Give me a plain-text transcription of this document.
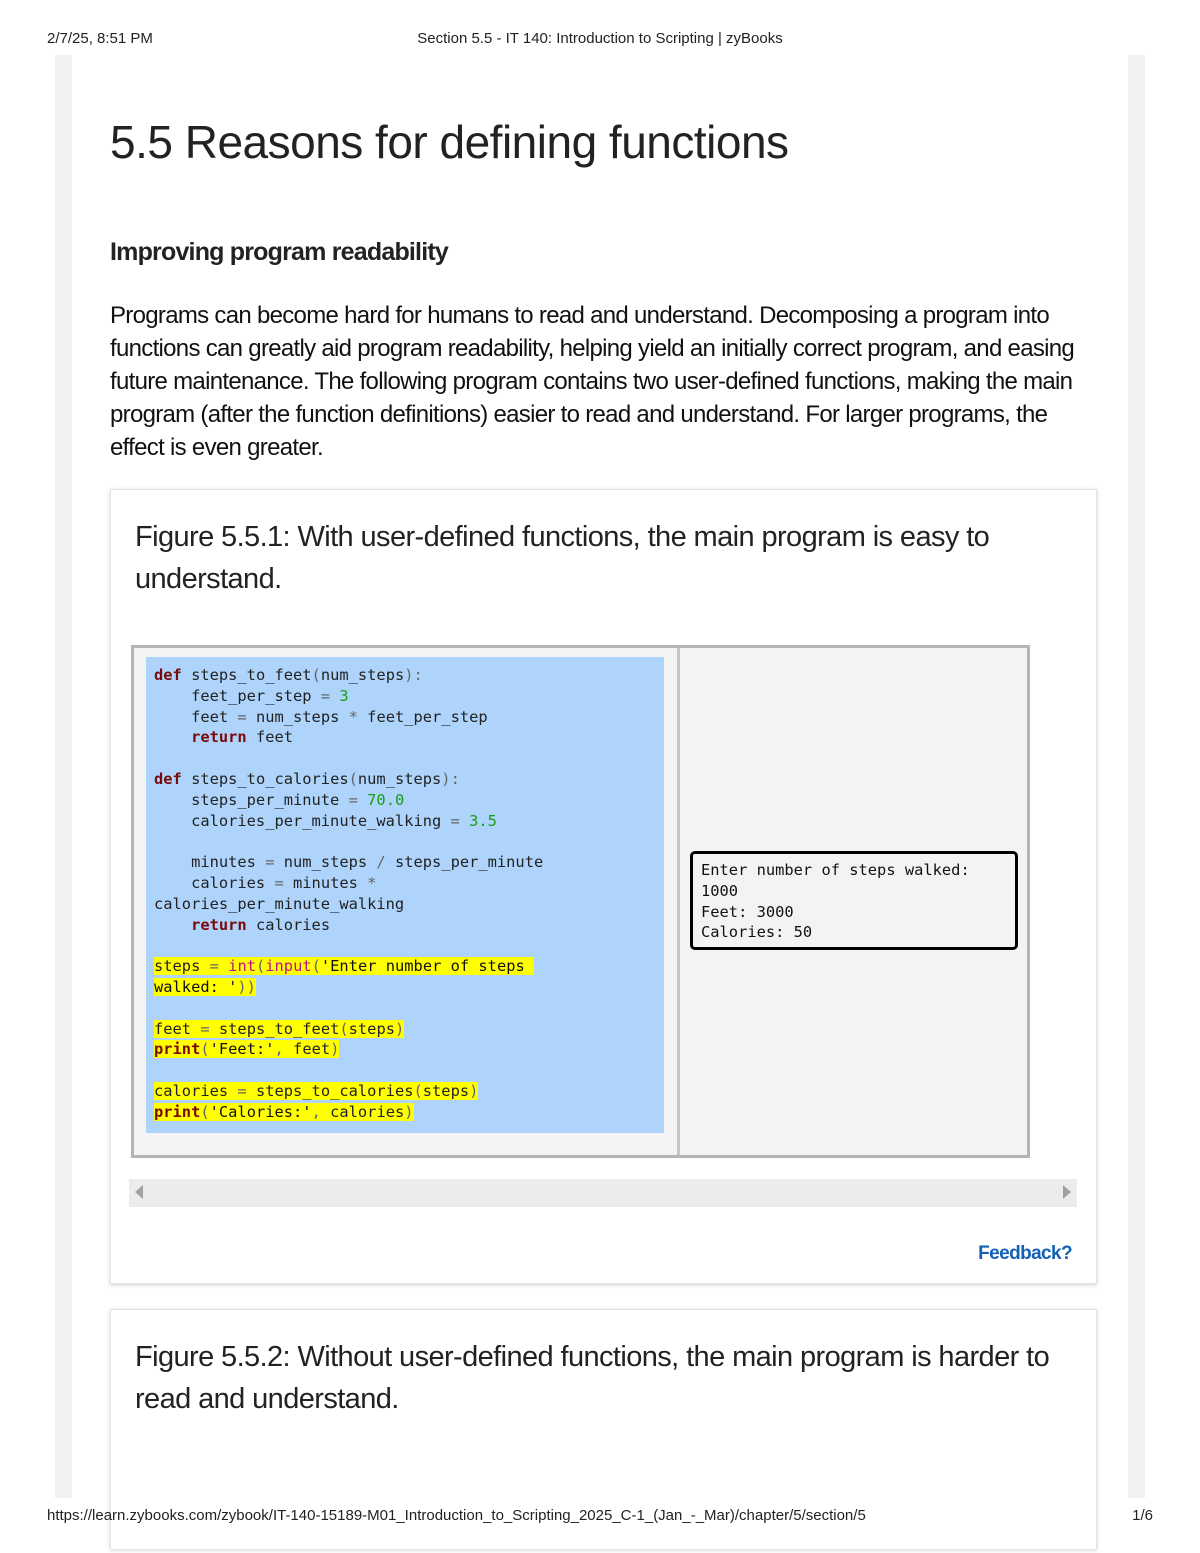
2/7/25, 8:51 PM	Section 5.5 - IT 140: Introduction to Scripting | zyBooks
5.5 Reasons for defining functions
Improving program readability

Programs can become hard for humans to read and understand. Decomposing a program into functions can greatly aid program readability, helping yield an initially correct program, and easing future maintenance. The following program contains two user-defined functions, making the main program (after the function definitions) easier to read and understand. For larger programs, the effect is even greater.

Figure 5.5.1: With user-defined functions, the main program is easy to understand.
def steps_to_feet(num_steps):
feet_per_step = 3
feet = num_steps * feet_per_step
return feet

def steps_to_calories(num_steps):
steps_per_minute = 70.0
calories_per_minute_walking = 3.5

minutes = num_steps / steps_per_minute
calories = minutes *
calories_per_minute_walking
return calories

steps = int(input('Enter number of steps
walked: '))

feet = steps_to_feet(steps)
print('Feet:', feet)

calories = steps_to_calories(steps)
print('Calories:', calories)
Enter number of steps walked:
1000
Feet: 3000
Calories: 50
Feedback?
Figure 5.5.2: Without user-defined functions, the main program is harder to read and understand.
https://learn.zybooks.com/zybook/IT-140-15189-M01_Introduction_to_Scripting_2025_C-1_(Jan_-_Mar)/chapter/5/section/5	1/6
